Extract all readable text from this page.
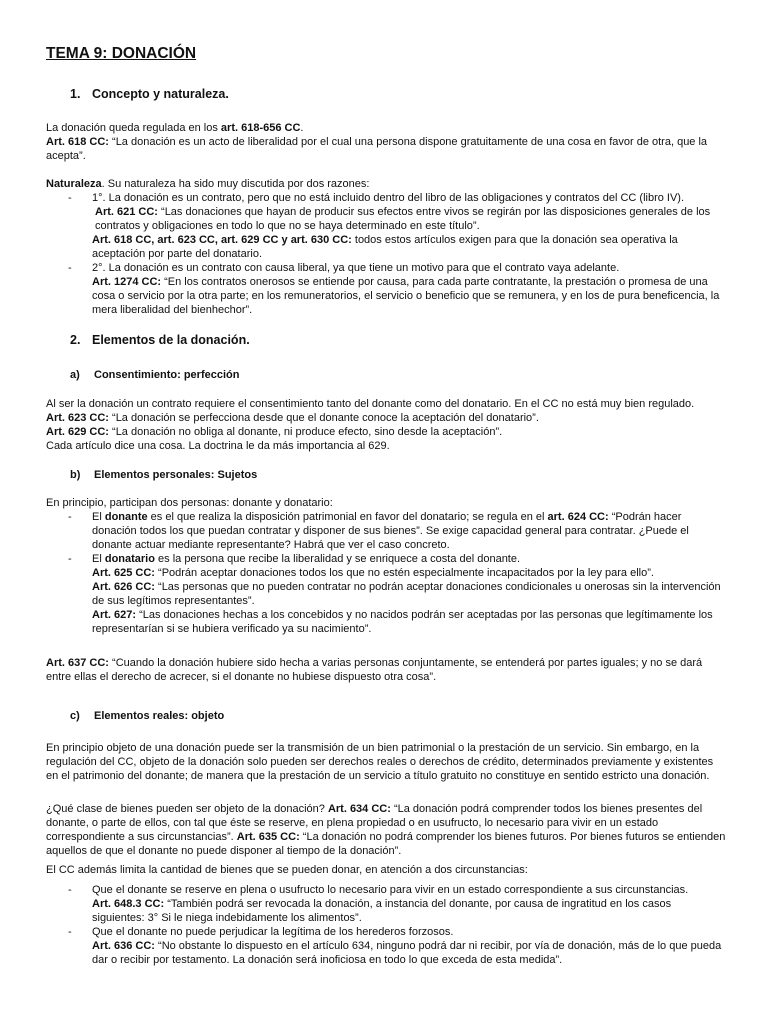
TEMA 9: DONACIÓN
1. Concepto y naturaleza.

La donación queda regulada en los art. 618-656 CC.

Art. 618 CC: “La donación es un acto de liberalidad por el cual una persona dispone gratuitamente de una cosa en favor de otra, que la acepta”.

Naturaleza. Su naturaleza ha sido muy discutida por dos razones:

- 1°. La donación es un contrato, pero que no está incluido dentro del libro de las obligaciones y contratos del CC (libro IV).

Art. 621 CC: “Las donaciones que hayan de producir sus efectos entre vivos se regirán por las disposiciones generales de los contratos y obligaciones en todo lo que no se haya determinado en este título”.

Art. 618 CC, art. 623 CC, art. 629 CC y art. 630 CC: todos estos artículos exigen para que la donación sea operativa la aceptación por parte del donatario.

- 2°. La donación es un contrato con causa liberal, ya que tiene un motivo para que el contrato vaya adelante.

Art. 1274 CC: “En los contratos onerosos se entiende por causa, para cada parte contratante, la prestación o promesa de una cosa o servicio por la otra parte; en los remuneratorios, el servicio o beneficio que se remunera, y en los de pura beneficencia, la mera liberalidad del bienhechor”.

2. Elementos de la donación.
a) Consentimiento: perfección

Al ser la donación un contrato requiere el consentimiento tanto del donante como del donatario. En el CC no está muy bien regulado.

Art. 623 CC: “La donación se perfecciona desde que el donante conoce la aceptación del donatario”.

Art. 629 CC: “La donación no obliga al donante, ni produce efecto, sino desde la aceptación”.

Cada artículo dice una cosa. La doctrina le da más importancia al 629.

b) Elementos personales: Sujetos

En principio, participan dos personas: donante y donatario:

- El donante es el que realiza la disposición patrimonial en favor del donatario; se regula en el art. 624 CC: “Podrán hacer donación todos los que puedan contratar y disponer de sus bienes”. Se exige capacidad general para contratar. ¿Puede el donante actuar mediante representante? Habrá que ver el caso concreto.

- El donatario es la persona que recibe la liberalidad y se enriquece a costa del donante.

Art. 625 CC: “Podrán aceptar donaciones todos los que no estén especialmente incapacitados por la ley para ello”.

Art. 626 CC: “Las personas que no pueden contratar no podrán aceptar donaciones condicionales u onerosas sin la intervención de sus legítimos representantes”.

Art. 627: “Las donaciones hechas a los concebidos y no nacidos podrán ser aceptadas por las personas que legítimamente los representarían si se hubiera verificado ya su nacimiento”.

Art. 637 CC: “Cuando la donación hubiere sido hecha a varias personas conjuntamente, se entenderá por partes iguales; y no se dará entre ellas el derecho de acrecer, si el donante no hubiese dispuesto otra cosa”.

c) Elementos reales: objeto

En principio objeto de una donación puede ser la transmisión de un bien patrimonial o la prestación de un servicio. Sin embargo, en la regulación del CC, objeto de la donación solo pueden ser derechos reales o derechos de crédito, determinados previamente y existentes en el patrimonio del donante; de manera que la prestación de un servicio a título gratuito no constituye en sentido estricto una donación.

¿Qué clase de bienes pueden ser objeto de la donación? Art. 634 CC: “La donación podrá comprender todos los bienes presentes del donante, o parte de ellos, con tal que éste se reserve, en plena propiedad o en usufructo, lo necesario para vivir en un estado correspondiente a sus circunstancias”. Art. 635 CC: “La donación no podrá comprender los bienes futuros. Por bienes futuros se entienden aquellos de que el donante no puede disponer al tiempo de la donación”.

El CC además limita la cantidad de bienes que se pueden donar, en atención a dos circunstancias:

- Que el donante se reserve en plena o usufructo lo necesario para vivir en un estado correspondiente a sus circunstancias.

Art. 648.3 CC: “También podrá ser revocada la donación, a instancia del donante, por causa de ingratitud en los casos siguientes: 3° Si le niega indebidamente los alimentos”.

- Que el donante no puede perjudicar la legítima de los herederos forzosos.

Art. 636 CC: “No obstante lo dispuesto en el artículo 634, ninguno podrá dar ni recibir, por vía de donación, más de lo que pueda dar o recibir por testamento. La donación será inoficiosa en todo lo que exceda de esta medida”.
